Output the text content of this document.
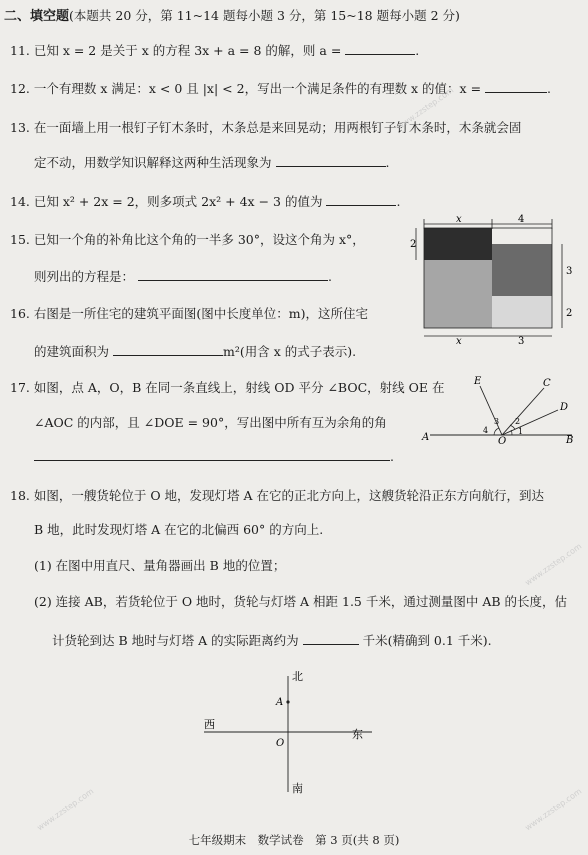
二、填空题(本题共 20 分，第 11~14 题每小题 3 分，第 15~18 题每小题 2 分)
11. 已知 x = 2 是关于 x 的方程 3x + a = 8 的解，则 a =	.
12. 一个有理数 x 满足：x < 0 且 |x| < 2，写出一个满足条件的有理数 x 的值：x =	.
13. 在一面墙上用一根钉子钉木条时，木条总是来回晃动；用两根钉子钉木条时，木条就会固
定不动，用数学知识解释这两种生活现象为	.
14. 已知 x² + 2x = 2，则多项式 2x² + 4x − 3 的值为	.
15. 已知一个角的补角比这个角的一半多 30°，设这个角为 x°，
则列出的方程是：	.
16. 右图是一所住宅的建筑平面图(图中长度单位：m)，这所住宅
的建筑面积为	m²(用含 x 的式子表示).
x	4
2
3
2
x	3
17. 如图，点 A，O，B 在同一条直线上，射线 OD 平分 ∠BOC，射线 OE 在
∠AOC 的内部，且 ∠DOE = 90°，写出图中所有互为余角的角
.
E	C
D
A	O	B
1
2
3
4
18. 如图，一艘货轮位于 O 地，发现灯塔 A 在它的正北方向上，这艘货轮沿正东方向航行，到达
B 地，此时发现灯塔 A 在它的北偏西 60° 的方向上.
(1) 在图中用直尺、量角器画出 B 地的位置；
(2) 连接 AB，若货轮位于 O 地时，货轮与灯塔 A 相距 1.5 千米，通过测量图中 AB 的长度，估
计货轮到达 B 地时与灯塔 A 的实际距离约为	千米(精确到 0.1 千米).
北
南
西
东
A
O
www.zzstep.com
www.zzstep.com
www.zzstep.com	www.zzstep.com
七年级期末　数学试卷　第 3 页(共 8 页)
